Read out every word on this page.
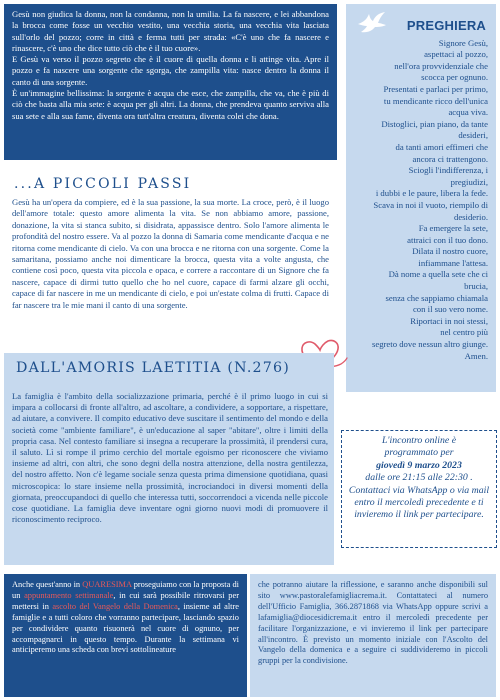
Gesù non giudica la donna, non la condanna, non la umilia. La fa nascere, e lei abbandona la brocca come fosse un vecchio vestito, una vecchia storia, una vecchia vita lasciata sull'orlo del pozzo; corre in città e ferma tutti per strada: «C'è uno che fa nascere e rinascere, c'è uno che dice tutto ciò che è il tuo cuore».

E Gesù va verso il pozzo segreto che è il cuore di quella donna e li attinge vita. Apre il pozzo e fa nascere una sorgente che sgorga, che zampilla vita: nasce dentro la donna il canto di una sorgente.

È un'immagine bellissima: la sorgente è acqua che esce, che zampilla, che va, che è più di ciò che basta alla mia sete: è acqua per gli altri. La donna, che prendeva quanto serviva alla sua sete e alla sua fame, diventa ora tutt'altra creatura, diventa colei che dona.

PREGHIERA
Signore Gesù,
aspettaci al pozzo,
nell'ora provvidenziale che
scocca per ognuno.
Presentati e parlaci per primo,
tu mendicante ricco dell'unica
acqua viva.
Distoglici, pian piano, da tante
desideri,
da tanti amori effimeri che
ancora ci trattengono.
Sciogli l'indifferenza, i
pregiudizi,
i dubbi e le paure, libera la fede.
Scava in noi il vuoto, riempilo di
desiderio.
Fa emergere la sete,
attraici con il tuo dono.
Dilata il nostro cuore,
infiammane l'attesa.
Dà nome a quella sete che ci
brucia,
senza che sappiamo chiamala
con il suo vero nome.
Riportaci in noi stessi,
nel centro più
segreto dove nessun altro giunge.
Amen.
...A PICCOLI PASSI
Gesù ha un'opera da compiere, ed è la sua passione, la sua morte. La croce, però, è il luogo dell'amore totale: questo amore alimenta la vita. Se non abbiamo amore, passione, donazione, la vita si stanca subito, si disidrata, appassisce dentro. Solo l'amore alimenta le profondità del nostro essere. Va al pozzo la donna di Samaria come mendicante d'acqua e ne ritorna come mendicante di cielo. Va con una brocca e ne ritorna con una sorgente. Come la samaritana, possiamo anche noi dimenticare la brocca, questa vita a volte angusta, che contiene così poco, questa vita piccola e opaca, e correre a raccontare di un Signore che fa nascere, capace di dirmi tutto quello che ho nel cuore, capace di farmi alzare gli occhi, capace di far nascere in me un mendicante di cielo, e poi un'estate colma di frutti. Capace di far nascere tra le mie mani il canto di una sorgente.
DALL'AMORIS LAETITIA (N.276)
La famiglia è l'ambito della socializzazione primaria, perché è il primo luogo in cui si impara a collocarsi di fronte all'altro, ad ascoltare, a condividere, a sopportare, a rispettare, ad aiutare, a convivere. Il compito educativo deve suscitare il sentimento del mondo e della società come "ambiente familiare", è un'educazione al saper "abitare", oltre i limiti della propria casa. Nel contesto familiare si insegna a recuperare la prossimità, il prendersi cura, il saluto. Lì si rompe il primo cerchio del mortale egoismo per riconoscere che viviamo insieme ad altri, con altri, che sono degni della nostra attenzione, della nostra gentilezza, del nostro affetto. Non c'è legame sociale senza questa prima dimensione quotidiana, quasi microscopica: lo stare insieme nella prossimità, incrociandoci in diversi momenti della giornata, preoccupandoci di quello che interessa tutti, soccorrendoci a vicenda nelle piccole cose quotidiane. La famiglia deve inventare ogni giorno nuovi modi di promuovere il riconoscimento reciproco.
L'incontro online è
programmato per
giovedì 9 marzo 2023
dalle ore 21:15 alle 22:30 .
Contattaci via WhatsApp o via mail entro il mercoledì precedente e ti invieremo il link per partecipare.
Anche quest'anno in QUARESIMA proseguiamo con la proposta di un appuntamento settimanale, in cui sarà possibile ritrovarsi per mettersi in ascolto del Vangelo della Domenica, insieme ad altre famiglie e a tutti coloro che vorranno partecipare, lasciando spazio per condividere quanto risuonerà nel cuore di ognuno, per accompagnarci in questo tempo. Durante la settimana vi anticiperemo una scheda con brevi sottolineature
che potranno aiutare la riflessione, e saranno anche disponibili sul sito www.pastoralefamigliacrema.it. Contattateci al numero dell'Ufficio Famiglia, 366.2871868 via WhatsApp oppure scrivi a lafamiglia@diocesidicrema.it entro il mercoledì precedente per facilitare l'organizzazione, e vi invieremo il link per partecipare all'incontro. È previsto un momento iniziale con l'Ascolto del Vangelo della domenica e a seguire ci suddivideremo in piccoli gruppi per la condivisione.
